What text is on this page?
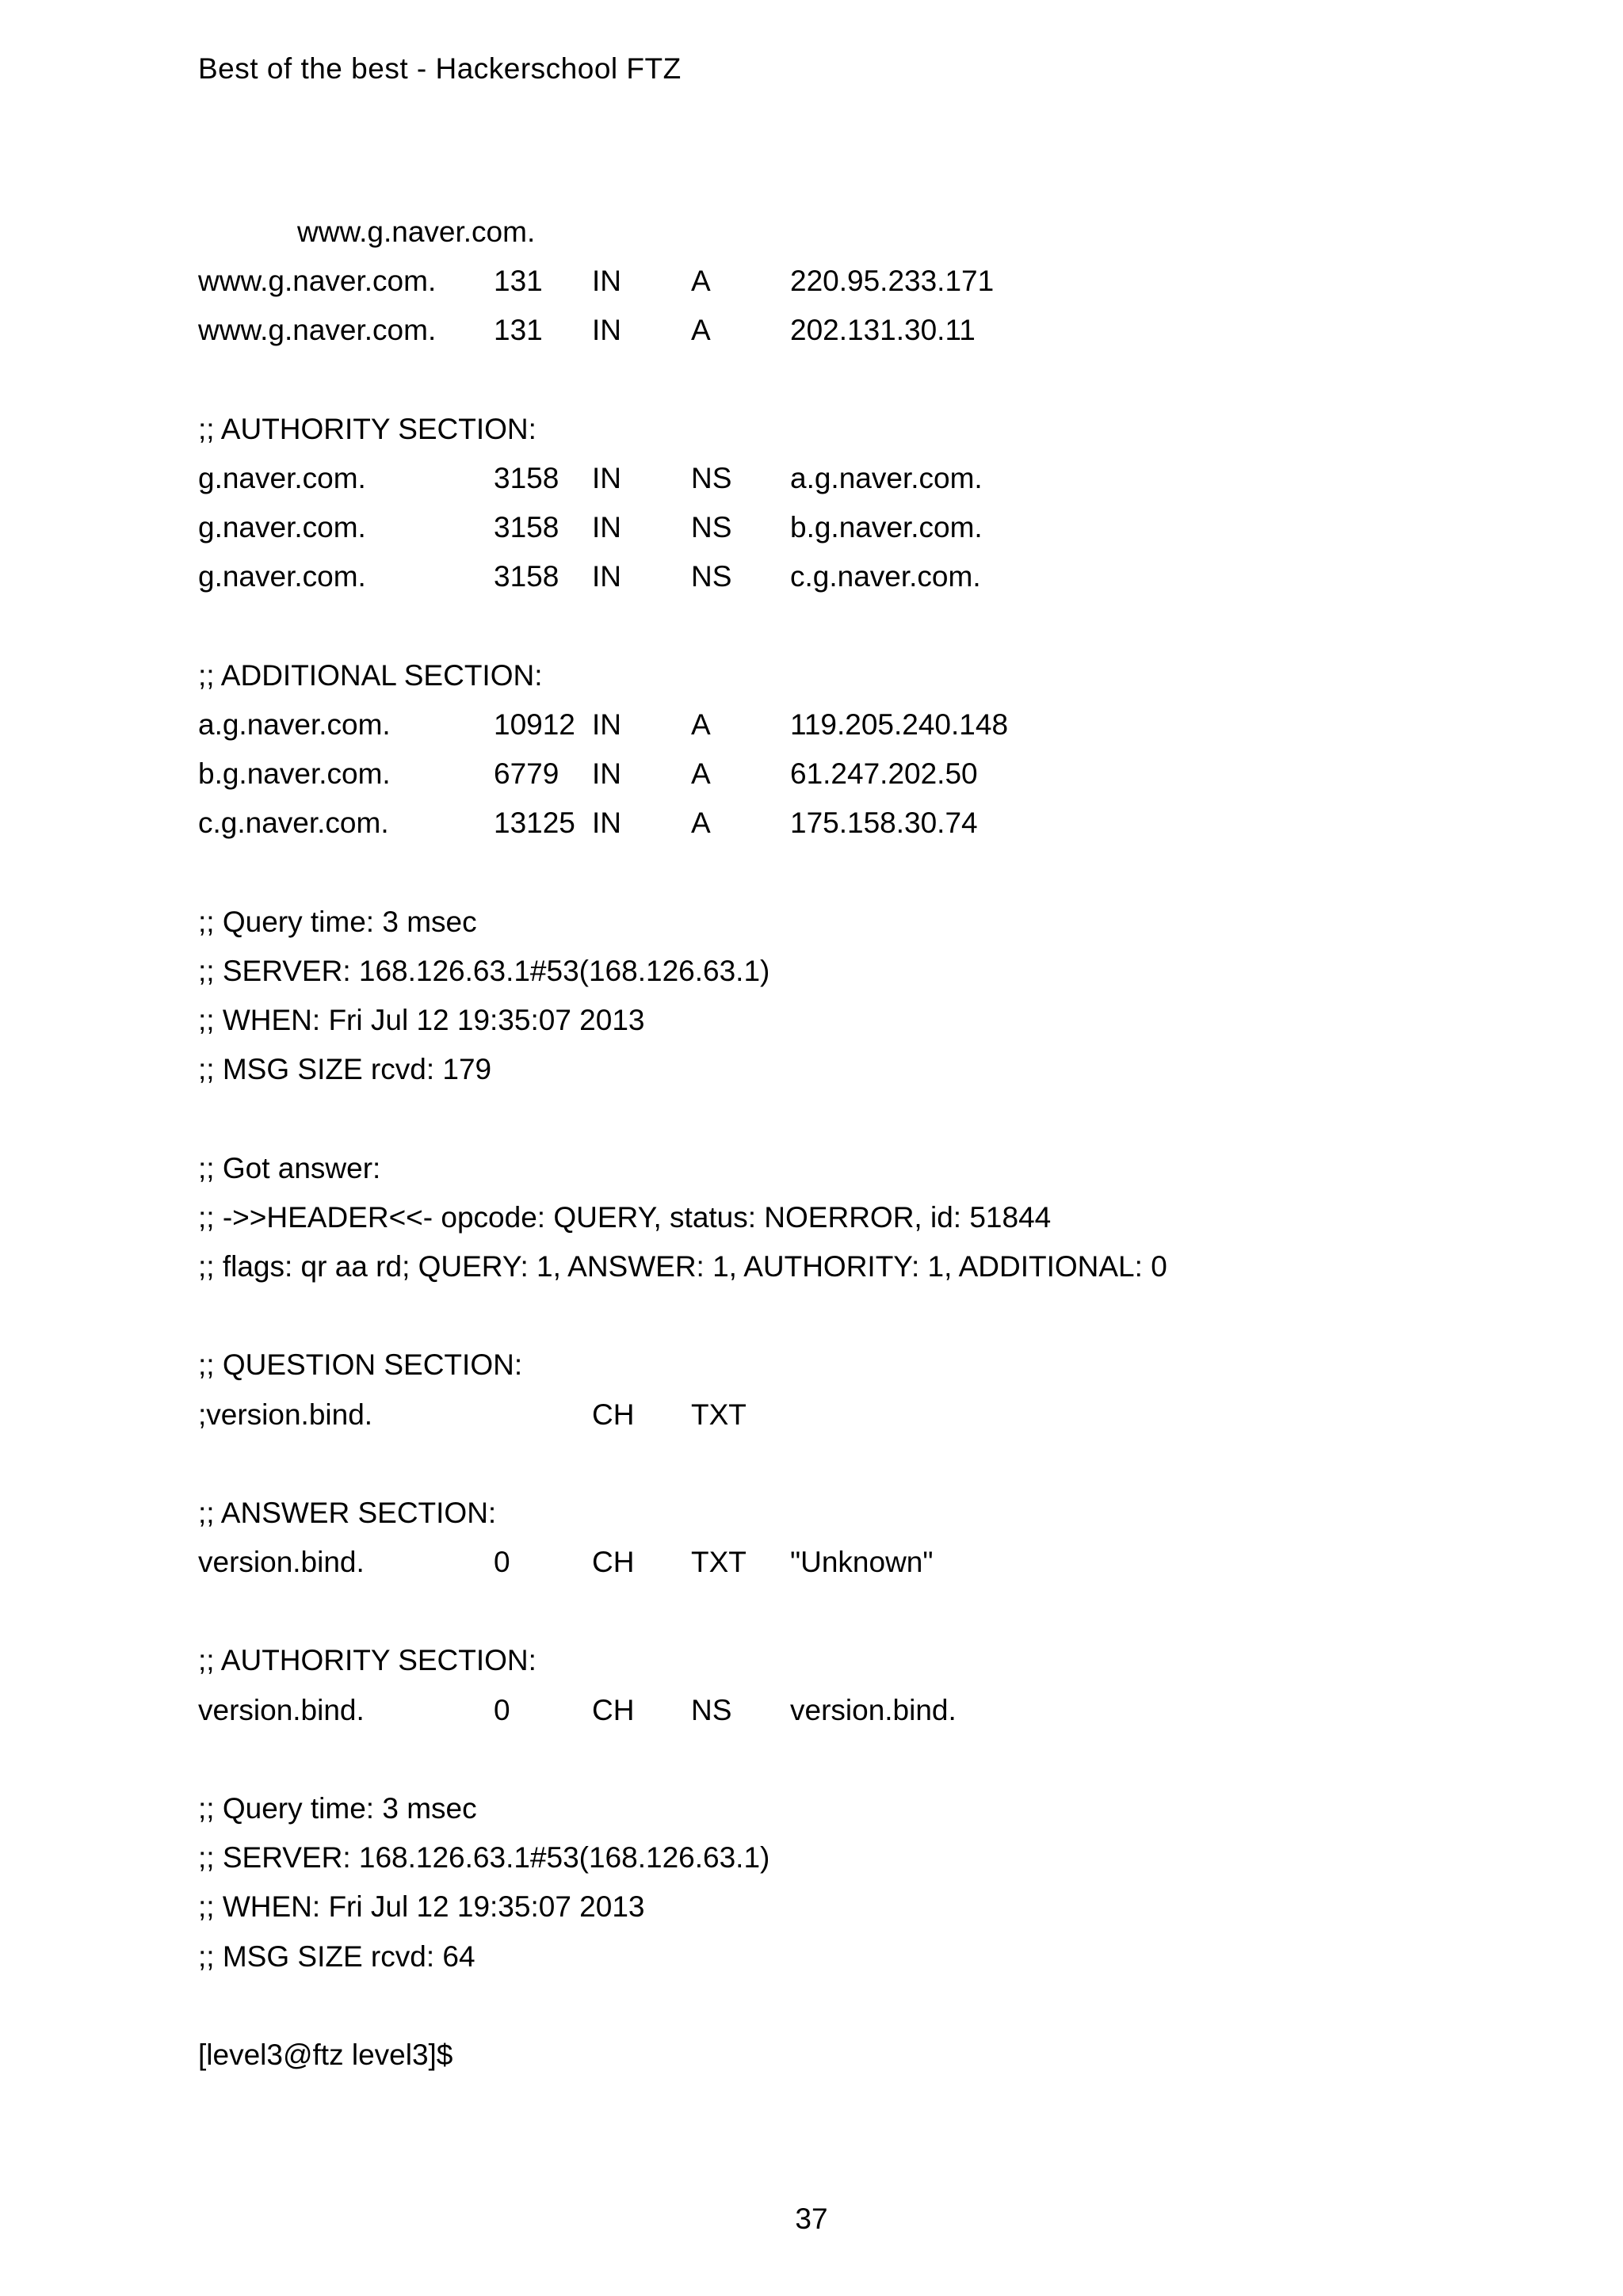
Best of the best - Hackerschool FTZ
www.g.naver.com.
www.g.naver.com. 131 IN A	220.95.233.171
www.g.naver.com. 131 IN A	202.131.30.11
;; AUTHORITY SECTION:
g.naver.com.	3158 IN NS a.g.naver.com.
g.naver.com.	3158 IN NS b.g.naver.com.
g.naver.com.	3158 IN NS c.g.naver.com.
;; ADDITIONAL SECTION:
a.g.naver.com.	10912 IN A	119.205.240.148
b.g.naver.com.	6779 IN A	61.247.202.50
c.g.naver.com.	13125 IN A	175.158.30.74
;; Query time: 3 msec
;; SERVER: 168.126.63.1#53(168.126.63.1)
;; WHEN: Fri Jul 12 19:35:07 2013
;; MSG SIZE rcvd: 179
;; Got answer:
;; ->>HEADER<<- opcode: QUERY, status: NOERROR, id: 51844
;; flags: qr aa rd; QUERY: 1, ANSWER: 1, AUTHORITY: 1, ADDITIONAL: 0
;; QUESTION SECTION:
;version.bind.	CH TXT
;; ANSWER SECTION:
version.bind.	0	CH TXT "Unknown"
;; AUTHORITY SECTION:
version.bind.	0	CH NS version.bind.
;; Query time: 3 msec
;; SERVER: 168.126.63.1#53(168.126.63.1)
;; WHEN: Fri Jul 12 19:35:07 2013
;; MSG SIZE rcvd: 64
[level3@ftz level3]$
37
